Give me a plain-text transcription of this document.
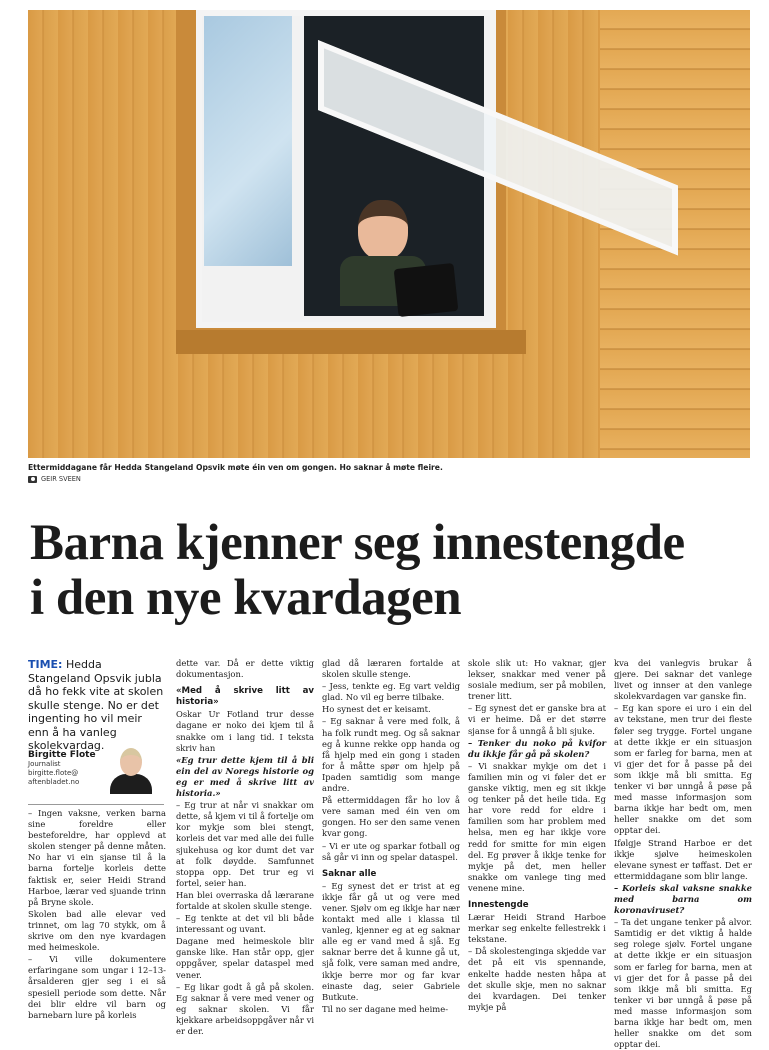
Ettermiddagane får Hedda Stangeland Opsvik møte éin ven om gongen. Ho saknar å møte fleire.
GEIR SVEEN
Barna kjenner seg innestengde
i den nye kvardagen
TIME: Hedda Stangeland Opsvik jubla då ho fekk vite at skolen skulle stenge. No er det ingenting ho vil meir enn å ha vanleg skolekvardag.
Birgitte Flote
Journalist
birgitte.flote@
aftenbladet.no

– Ingen vaksne, verken barna sine foreldre eller besteforeldre, har opplevd at skolen stenger på denne måten. No har vi ein sjanse til å la barna fortelje korleis dette faktisk er, seier Heidi Strand Harboe, lærar ved sjuande trinn på Bryne skole.

Skolen bad alle elevar ved trinnet, om lag 70 stykk, om å skrive om den nye kvardagen med heimeskole.

– Vi ville dokumentere erfaringane som ungar i 12–13-årsalderen gjer seg i ei så spesiell periode som dette. Når dei blir eldre vil barn og barnebarn lure på korleis

dette var. Då er dette viktig dokumentasjon.

«Med å skrive litt av historia»

Oskar Ur Fotland trur desse dagane er noko dei kjem til å snakke om i lang tid. I teksta skriv han

«Eg trur dette kjem til å bli ein del av Noregs historie og eg er med å skrive litt av historia.»

– Eg trur at når vi snakkar om dette, så kjem vi til å fortelje om kor mykje som blei stengt, korleis det var med alle dei fulle sjukehusa og kor dumt det var at folk døydde. Samfunnet stoppa opp. Det trur eg vi fortel, seier han.

Han blei overraska då lærarane fortalde at skolen skulle stenge.

– Eg tenkte at det vil bli både interessant og uvant.

Dagane med heimeskole blir ganske like. Han står opp, gjer oppgåver, spelar dataspel med vener.

– Eg likar godt å gå på skolen. Eg saknar å vere med vener og eg saknar skolen. Vi får kjekkare arbeidsoppgåver når vi er der.

glad då læraren fortalde at skolen skulle stenge.

– Jess, tenkte eg. Eg vart veldig glad. No vil eg berre tilbake.

Ho synest det er keisamt.

– Eg saknar å vere med folk, å ha folk rundt meg. Og så saknar eg å kunne rekke opp handa og få hjelp med ein gong i staden for å måtte spør om hjelp på Ipaden samtidig som mange andre.

På ettermiddagen får ho lov å vere saman med éin ven om gongen. Ho ser den same venen kvar gong.

– Vi er ute og sparkar fotball og så går vi inn og spelar dataspel.

Saknar alle

– Eg synest det er trist at eg ikkje får gå ut og vere med vener. Sjølv om eg ikkje har nær kontakt med alle i klassa til vanleg, kjenner eg at eg saknar alle eg er vand med å sjå. Eg saknar berre det å kunne gå ut, sjå folk, vere saman med andre, ikkje berre mor og far kvar einaste dag, seier Gabriele Butkute.

Til no ser dagane med heime-

skole slik ut: Ho vaknar, gjer lekser, snakkar med vener på sosiale medium, ser på mobilen, trener litt.

– Eg synest det er ganske bra at vi er heime. Då er det større sjanse for å unngå å bli sjuke.

– Tenker du noko på kvifor du ikkje får gå på skolen?

– Vi snakkar mykje om det i familien min og vi føler det er ganske viktig, men eg sit ikkje og tenker på det heile tida. Eg har vore redd for eldre i familien som har problem med helsa, men eg har ikkje vore redd for smitte for min eigen del. Eg prøver å ikkje tenke for mykje på det, men heller snakke om vanlege ting med venene mine.

Innestengde

Lærar Heidi Strand Harboe merkar seg enkelte fellestrekk i tekstane.

– Då skolestenginga skjedde var det på eit vis spennande, enkelte hadde nesten håpa at det skulle skje, men no saknar dei kvardagen. Dei tenker mykje på

kva dei vanlegvis brukar å gjere. Dei saknar det vanlege livet og innser at den vanlege skolekvardagen var ganske fin.

– Eg kan spore ei uro i ein del av tekstane, men trur dei fleste føler seg trygge. Fortel ungane at dette ikkje er ein situasjon som er farleg for barna, men at vi gjer det for å passe på dei som ikkje må bli smitta. Eg tenker vi bør unngå å pøse på med masse informasjon som barna ikkje har bedt om, men heller snakke om det som opptar dei.

Ifølgje Strand Harboe er det ikkje sjølve heimeskolen elevane synest er tøffast. Det er ettermiddagane som blir lange.

– Korleis skal vaksne snakke med barna om koronaviruset?

– Ta det ungane tenker på alvor. Samtidig er det viktig å halde seg rolege sjølv. Fortel ungane at dette ikkje er ein situasjon som er farleg for barna, men at vi gjer det for å passe på dei som ikkje må bli smitta. Eg tenker vi bør unngå å pøse på med masse informasjon som barna ikkje har bedt om, men heller snakke om det som opptar dei.
